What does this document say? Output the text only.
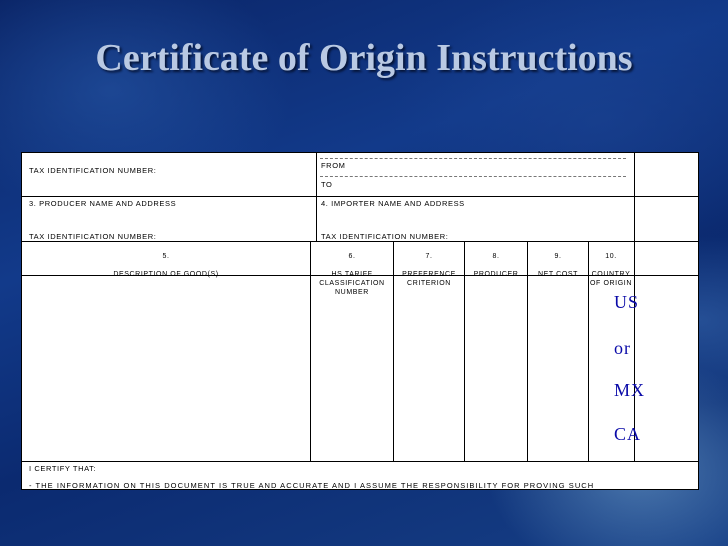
Certificate of Origin Instructions
TAX IDENTIFICATION NUMBER:
FROM
TO
3. PRODUCER NAME AND ADDRESS	4. IMPORTER NAME AND ADDRESS
TAX IDENTIFICATION NUMBER:	TAX IDENTIFICATION NUMBER:

5.

DESCRIPTION OF GOOD(S)

6.

HS TARIFF CLASSIFICATION NUMBER

7.

PREFERENCE CRITERION

8.

PRODUCER

9.

NET COST

10.

COUNTRY OF ORIGIN

US
or
MX
CA
I CERTIFY THAT:
- THE INFORMATION ON THIS DOCUMENT IS TRUE AND ACCURATE AND I ASSUME THE RESPONSIBILITY FOR PROVING SUCH
